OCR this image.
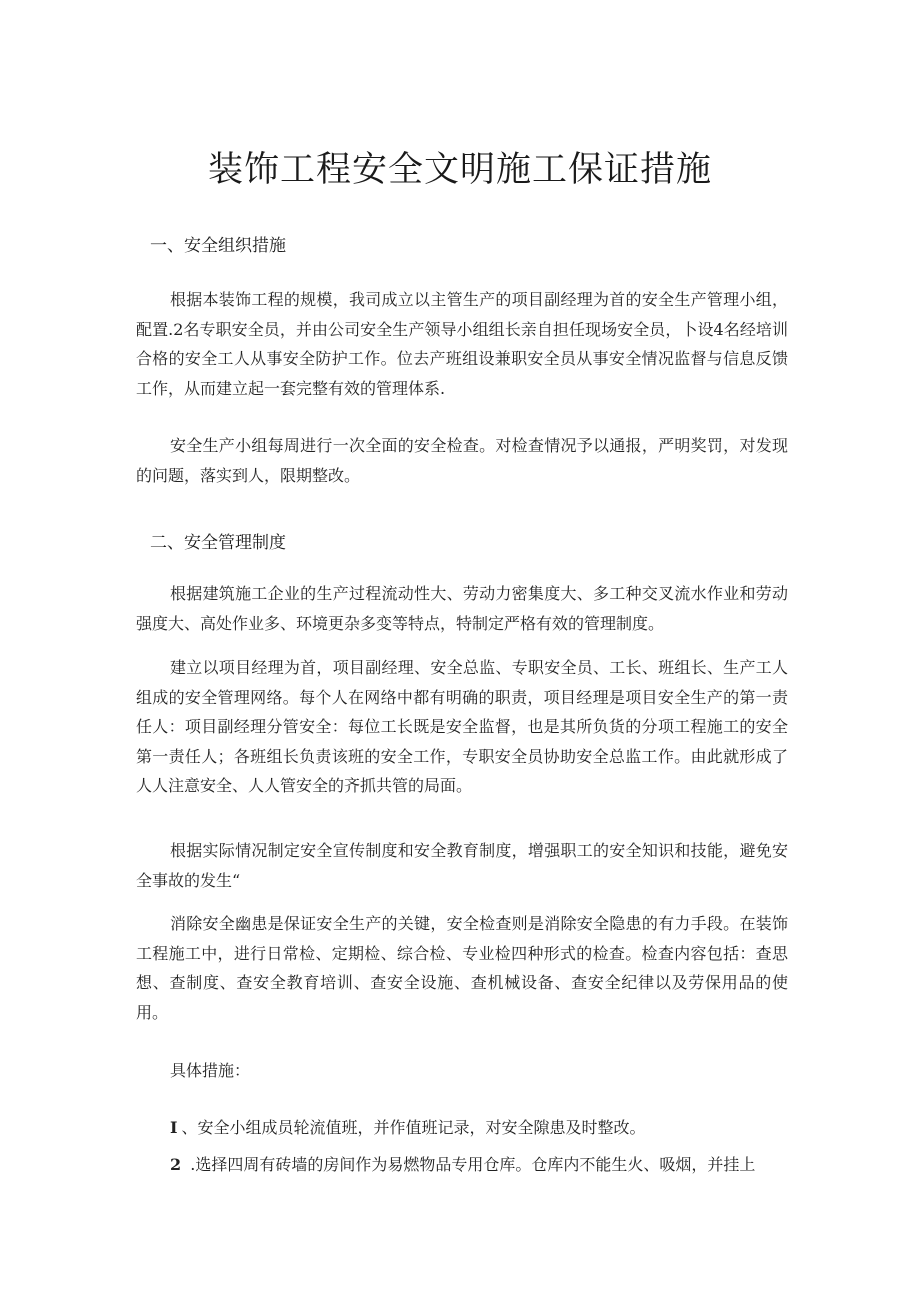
装饰工程安全文明施工保证措施
一、安全组织措施

根据本装饰工程的规模，我司成立以主管生产的项目副经理为首的安全生产管理小组，配置.2名专职安全员，并由公司安全生产领导小组组长亲自担任现场安全员，卜设4名经培训合格的安全工人从事安全防护工作。位去产班组设兼职安全员从事安全情况监督与信息反馈工作，从而建立起一套完整有效的管理体系.

安全生产小组每周进行一次全面的安全检查。对检查情况予以通报，严明奖罚，对发现的问题，落实到人，限期整改。

二、安全管理制度

根据建筑施工企业的生产过程流动性大、劳动力密集度大、多工种交叉流水作业和劳动强度大、高处作业多、环境更杂多变等特点，特制定严格有效的管理制度。

建立以项目经理为首，项目副经理、安全总监、专职安全员、工长、班组长、生产工人组成的安全管理网络。每个人在网络中都有明确的职责，项目经理是项目安全生产的第一责任人：项目副经理分管安全：每位工长既是安全监督，也是其所负货的分项工程施工的安全第一责任人；各班组长负责该班的安全工作，专职安全员协助安全总监工作。由此就形成了人人注意安全、人人管安全的齐抓共管的局面。

根据实际情况制定安全宣传制度和安全教育制度，增强职工的安全知识和技能，避免安全事故的发生“

消除安全幽患是保证安全生产的关键，安全检查则是消除安全隐患的有力手段。在装饰工程施工中，进行日常检、定期检、综合检、专业检四种形式的检查。检查内容包括：查思想、查制度、查安全教育培训、查安全设施、查机械设备、查安全纪律以及劳保用品的使用。

具体措施：

I 、安全小组成员轮流值班，并作值班记录，对安全隙患及时整改。

2 .选择四周有砖墙的房间作为易燃物品专用仓库。仓库内不能生火、吸烟，并挂上
